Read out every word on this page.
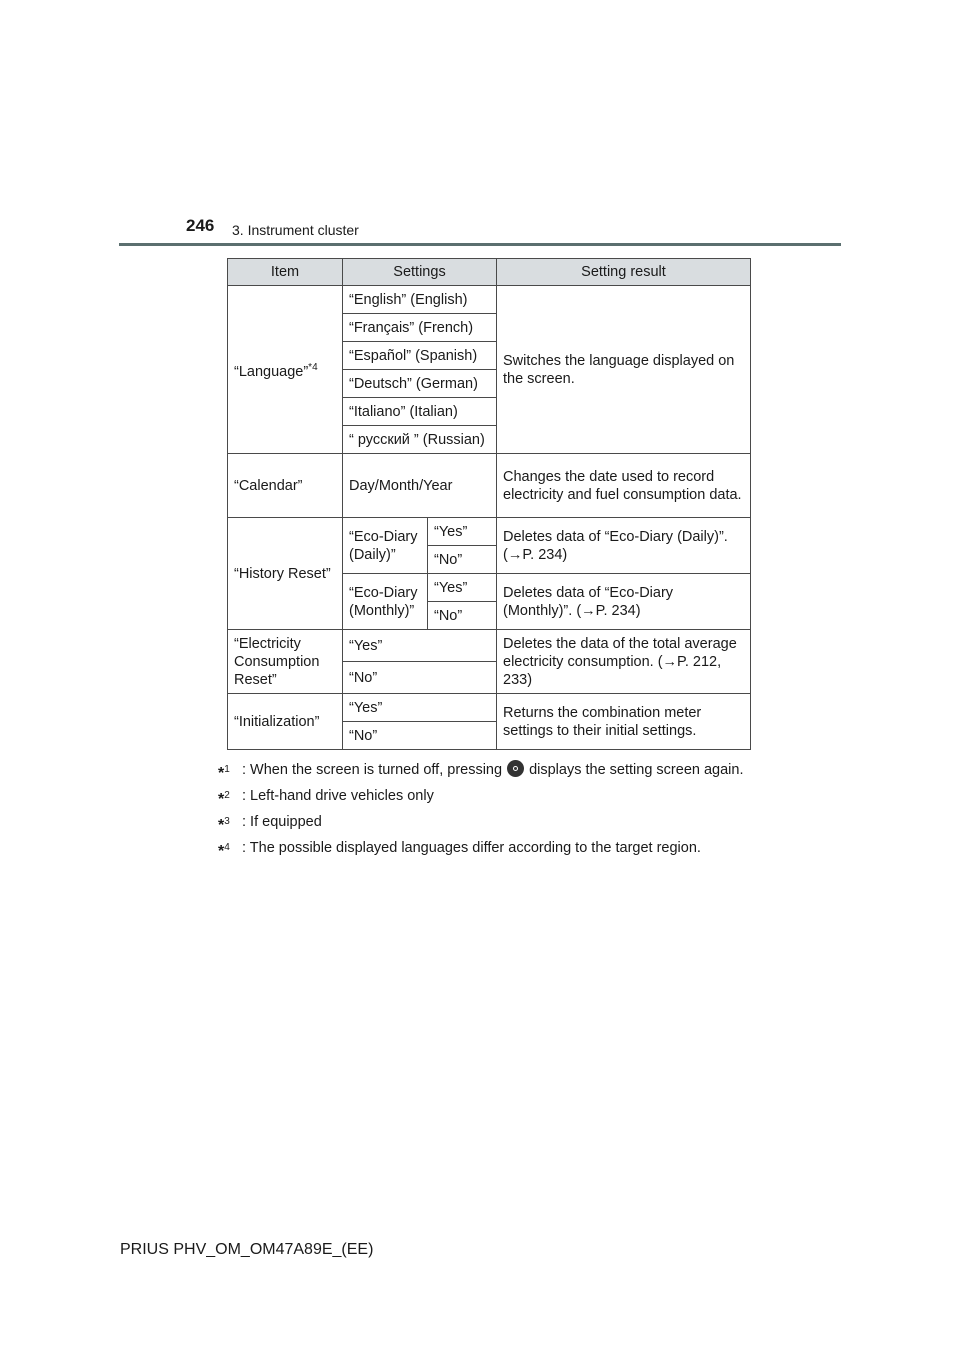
246 3. Instrument cluster
Item	Settings		Setting result
“Language”$^{*4}$	“English” (English)		Switches the language displayed on the screen.
	“Français” (French)		
	“Español” (Spanish)		
	“Deutsch” (German)		
	“Italiano” (Italian)		
	“ русский ” (Russian)		
“Calendar”	Day/Month/Year		Changes the date used to record electricity and fuel consumption data.
“History Reset”	“Eco-Diary (Daily)”	“Yes”	Deletes data of “Eco-Diary (Daily)”. (→P. 234)
		“No”	
	“Eco-Diary (Monthly)”	“Yes”	Deletes data of “Eco-Diary (Monthly)”. (→P. 234)
		“No”	
“Electricity Consumption Reset”	“Yes”		Deletes the data of the total average electricity consumption. (→P. 212, 233)
	“No”		
“Initialization”	“Yes”		Returns the combination meter settings to their initial settings.
	“No”		
*$^1$ : When the screen is turned off, pressing displays the setting screen again.
*$^2$ : Left-hand drive vehicles only
*$^3$ : If equipped
*$^4$ : The possible displayed languages differ according to the target region.
PRIUS PHV_OM_OM47A89E_(EE)
